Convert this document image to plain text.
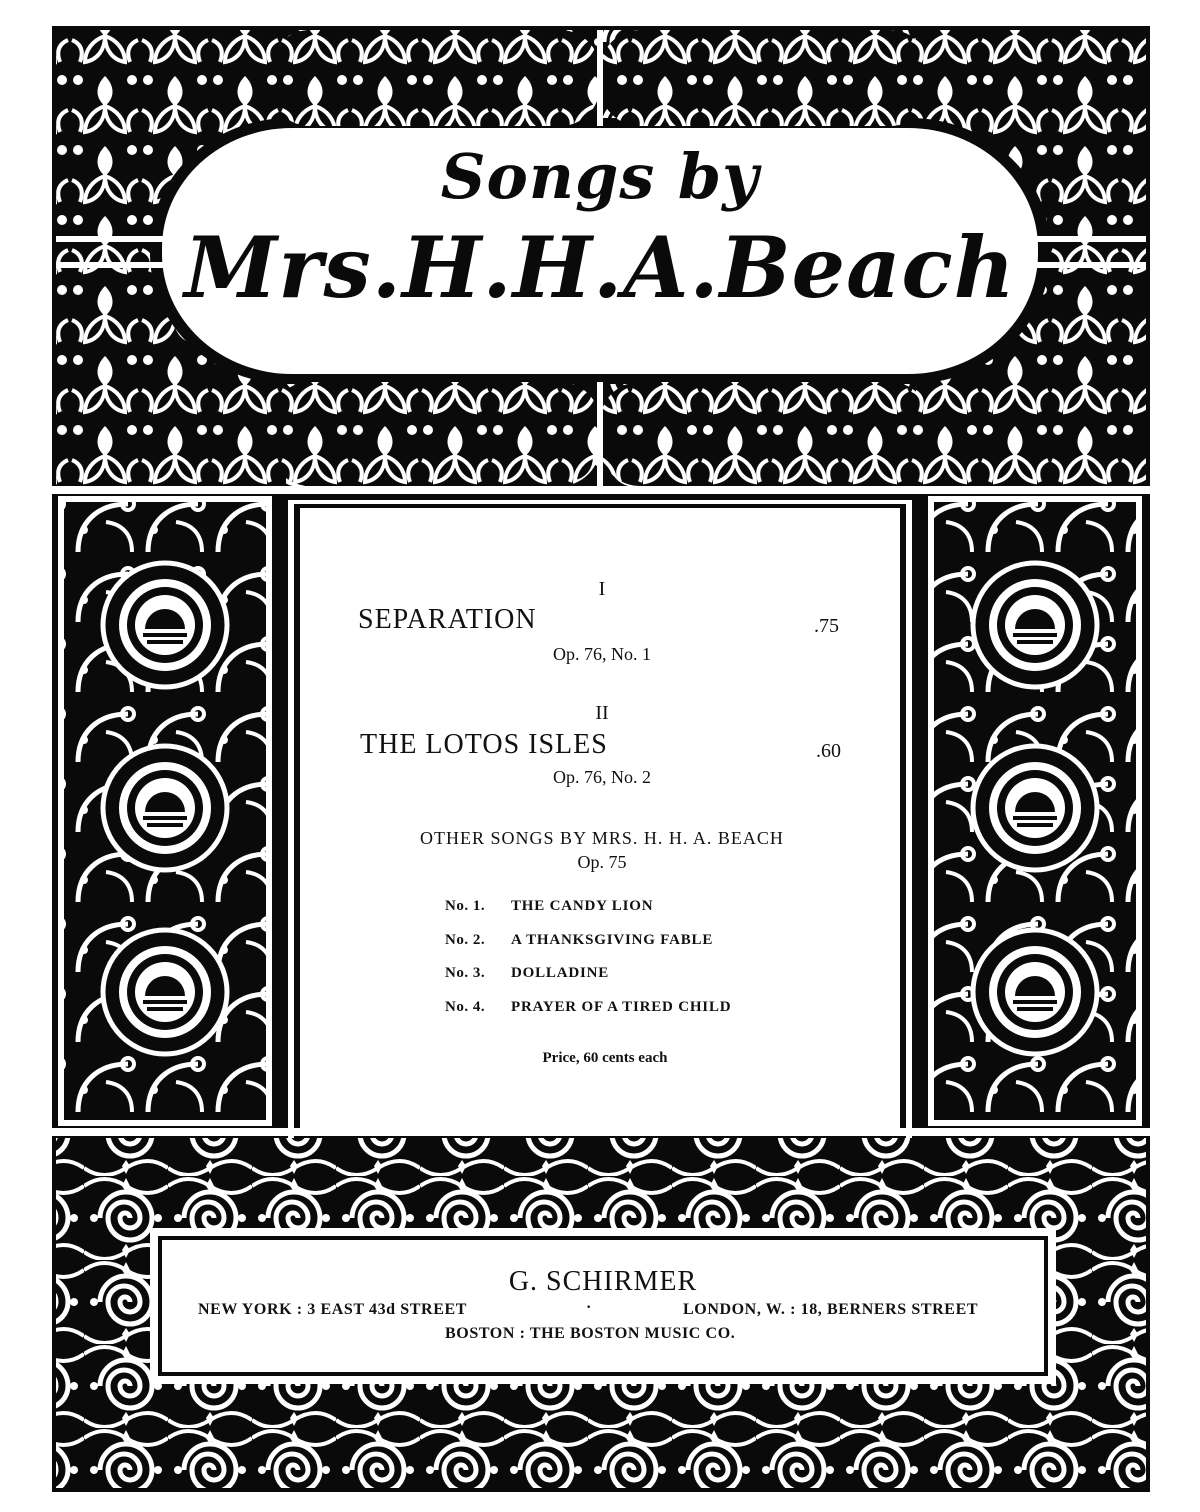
Songs by
Mrs.H.H.A.Beach
I
SEPARATION	.75
Op. 76, No. 1
II
THE LOTOS ISLES	.60
Op. 76, No. 2
OTHER SONGS BY MRS. H. H. A. BEACH
Op. 75
No. 1. THE CANDY LION
No. 2. A THANKSGIVING FABLE
No. 3. DOLLADINE
No. 4. PRAYER OF A TIRED CHILD
Price, 60 cents each
G. SCHIRMER
NEW YORK : 3 EAST 43d STREET	·	LONDON, W. : 18, BERNERS STREET
BOSTON : THE BOSTON MUSIC CO.
